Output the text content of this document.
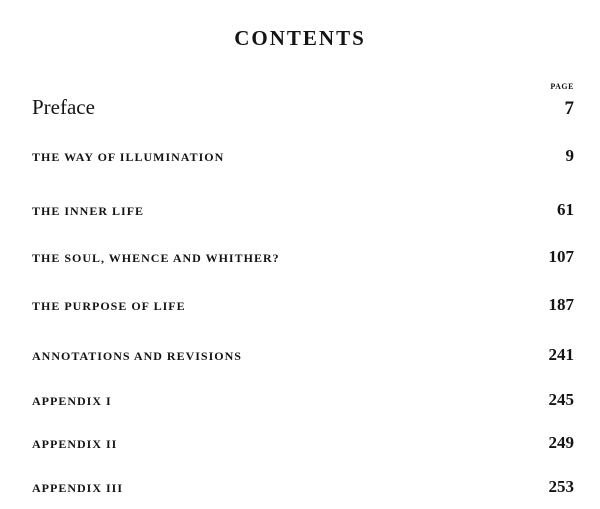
CONTENTS
PAGE
Preface	7
THE WAY OF ILLUMINATION	9
THE INNER LIFE	61
THE SOUL, WHENCE AND WHITHER?	107
THE PURPOSE OF LIFE	187
ANNOTATIONS AND REVISIONS	241
APPENDIX I	245
APPENDIX II	249
APPENDIX III	253
